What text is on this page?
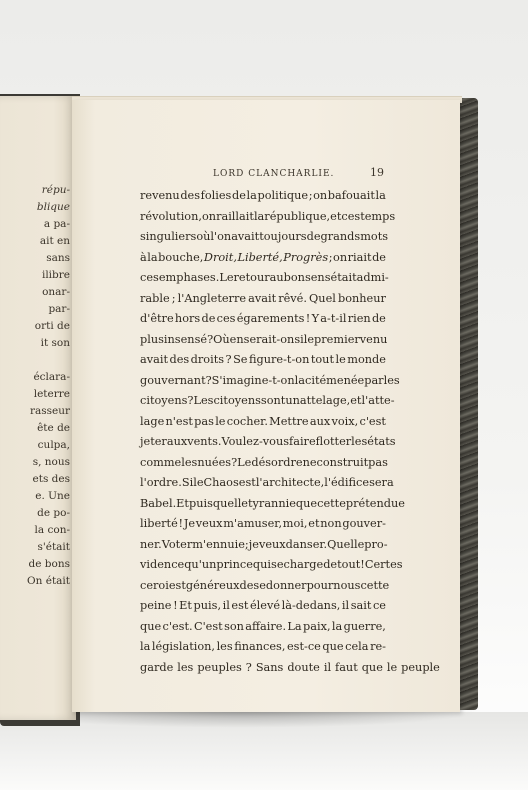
répu-
blique
a pa-
ait en
sans
ilibre
onar-
par-
orti de
it son

éclara-
leterre
rasseur
ête de
culpa,
s, nous
ets des
e. Une
de po-
la con-
s'était
de bons
On était
LORD CLANCHARLIE.	19
revenu des folies de la politique ; on bafouait la
révolution, on raillait la république, et ces temps
singuliers où l'on avait toujours de grands mots
à la bouche, Droit, Liberté, Progrès ; on riait de
ces emphases. Le retour au bon sens était admi-
rable ; l'Angleterre avait rêvé. Quel bonheur
d'être hors de ces égarements ! Y a-t-il rien de
plus insensé ? Où en serait-on si le premier venu
avait des droits ? Se figure-t-on tout le monde
gouvernant ? S'imagine-t-on la cité menée par les
citoyens ? Les citoyens sont un attelage, et l'atte-
lage n'est pas le cocher. Mettre aux voix, c'est
jeter aux vents. Voulez-vous faire flotter les états
comme les nuées ? Le désordre ne construit pas
l'ordre. Si le Chaos est l'architecte, l'édifice sera
Babel. Et puis quelle tyrannie que cette prétendue
liberté ! Je veux m'amuser, moi, et non gouver-
ner. Voter m'ennuie ; je veux danser. Quelle pro-
vidence qu'un prince qui se charge de tout ! Certes
ce roi est généreux de se donner pour nous cette
peine ! Et puis, il est élevé là-dedans, il sait ce
que c'est. C'est son affaire. La paix, la guerre,
la législation, les finances, est-ce que cela re-
garde les peuples ? Sans doute il faut que le peuple
